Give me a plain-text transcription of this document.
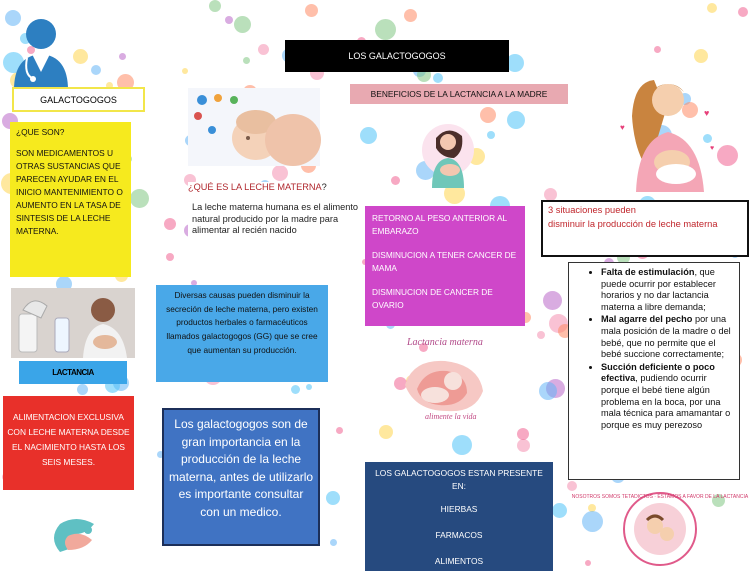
LOS GALACTOGOGOS
GALACTOGOGOS

¿QUE SON?

SON MEDICAMENTOS U OTRAS SUSTANCIAS QUE PARECEN AYUDAR EN EL INICIO MANTENIMIENTO O AUMENTO EN LA TASA DE SINTESIS DE LA LECHE MATERNA.

BENEFICIOS DE LA LACTANCIA A LA MADRE
♥
♥
♥
¿QUÉ ES LA LECHE MATERNA?
La leche materna humana es el alimento natural producido por la madre para alimentar al recién nacido
RETORNO AL PESO ANTERIOR AL EMBARAZO
DISMINUCION A TENER CANCER DE MAMA
DISMINUCION DE CANCER DE OVARIO
3 situaciones pueden
disminuir la producción de leche materna
• Falta de estimulación, que puede ocurrir por establecer horarios y no dar lactancia materna a libre demanda;
• Mal agarre del pecho por una mala posición de la madre o del bebé, que no permite que el bebé succione correctamente;
• Succión deficiente o poco efectiva, pudiendo ocurrir porque el bebé tiene algún problema en la boca, por una mala técnica para amamantar o porque es muy perezoso
Diversas causas pueden disminuir la secreción de leche materna, pero existen productos herbales o farmacéuticos llamados galactogogos (GG) que se cree que aumentan su producción.
LACTANCIA
ALIMENTACION EXCLUSIVA CON LECHE MATERNA DESDE EL NACIMIENTO HASTA LOS SEIS MESES.
Los galactogogos son de gran importancia en la producción de la leche materna, antes de utilizarlo es importante consultar con un medico.
Lactancia materna
alimente la vida
LOS GALACTOGOGOS ESTAN PRESENTE EN:
HIERBAS
FARMACOS
ALIMENTOS
NOSOTROS SOMOS TETADICTOS · ESTAMOS A FAVOR DE LA LACTANCIA
